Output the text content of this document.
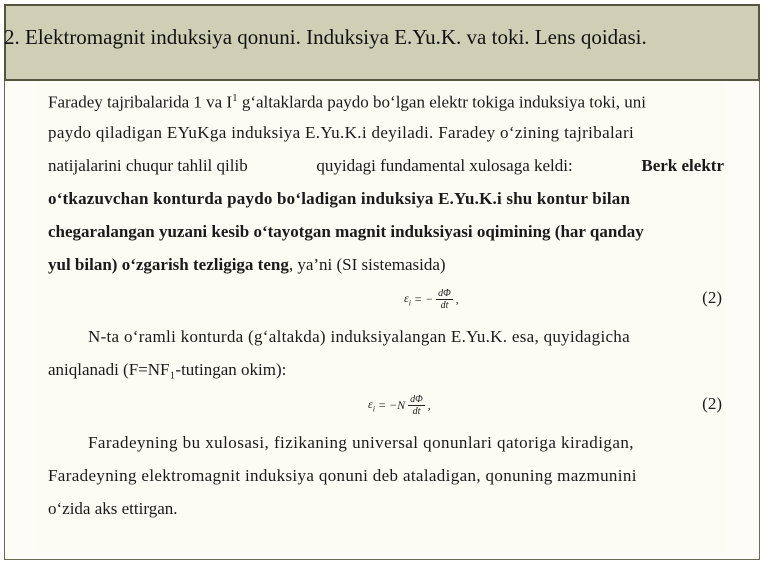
2. Elektromagnit induksiya qonuni. Induksiya E.Yu.K. va toki. Lens qoidasi.
Faradey tajribalarida 1 va $I^1$ g‘altaklarda paydo bo‘lgan elektr tokiga induksiya toki, uni
paydo qiladigan EYuKga induksiya E.Yu.K.i deyiladi. Faradey o‘zining tajribalari
natijalarini chuqur tahlil qilib	quyidagi fundamental xulosaga keldi:	Berk elektr
o‘tkazuvchan konturda paydo bo‘ladigan induksiya E.Yu.K.i shu kontur bilan
chegaralangan yuzani kesib o‘tayotgan magnit induksiyasi oqimining (har qanday
yul bilan) o‘zgarish tezligiga teng, ya’ni (SI sistemasida)
$\varepsilon_i$ = − $\frac{d\Phi}{dt}$ ,	(2)
N-ta o‘ramli konturda (g‘altakda) induksiyalangan E.Yu.K. esa, quyidagicha
aniqlanadi (F=NF₁-tutingan okim):
$\varepsilon_i = -N \frac{d\Phi}{dt}$ ,	(2)
Faradeyning bu xulosasi, fizikaning universal qonunlari qatoriga kiradigan,
Faradeyning elektromagnit induksiya qonuni deb ataladigan, qonuning mazmunini
o‘zida aks ettirgan.
